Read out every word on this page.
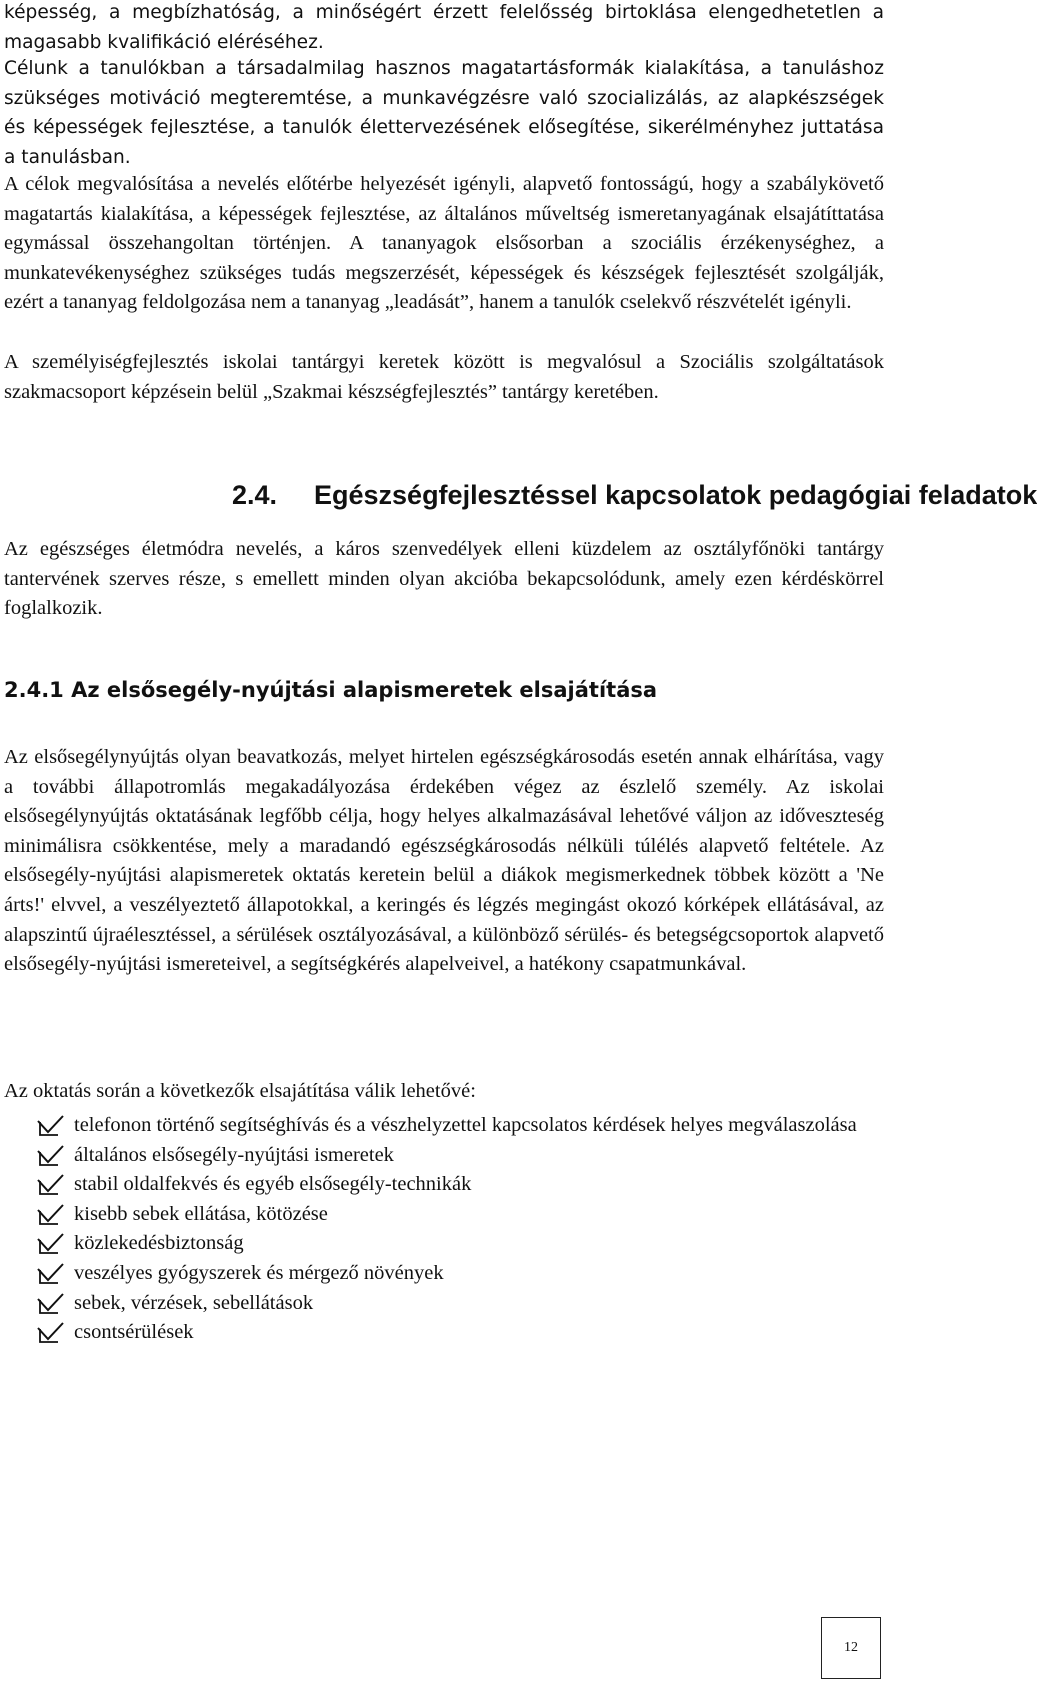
képesség, a megbízhatóság, a minőségért érzett felelősség birtoklása elengedhetetlen a magasabb kvalifikáció eléréséhez.

Célunk a tanulókban a társadalmilag hasznos magatartásformák kialakítása, a tanuláshoz szükséges motiváció megteremtése, a munkavégzésre való szocializálás, az alapkészségek és képességek fejlesztése, a tanulók élettervezésének elősegítése, sikerélményhez juttatása a tanulásban.

A célok megvalósítása a nevelés előtérbe helyezését igényli, alapvető fontosságú, hogy a szabálykövető magatartás kialakítása, a képességek fejlesztése, az általános műveltség ismeretanyagának elsajátíttatása egymással összehangoltan történjen. A tananyagok elsősorban a szociális érzékenységhez, a munkatevékenységhez szükséges tudás megszerzését, képességek és készségek fejlesztését szolgálják, ezért a tananyag feldolgozása nem a tananyag „leadását”, hanem a tanulók cselekvő részvételét igényli.

A személyiségfejlesztés iskolai tantárgyi keretek között is megvalósul a Szociális szolgáltatások szakmacsoport képzésein belül „Szakmai készségfejlesztés” tantárgy keretében.

2.4. Egészségfejlesztéssel kapcsolatok pedagógiai feladatok

Az egészséges életmódra nevelés, a káros szenvedélyek elleni küzdelem az osztályfőnöki tantárgy tantervének szerves része, s emellett minden olyan akcióba bekapcsolódunk, amely ezen kérdéskörrel foglalkozik.

2.4.1 Az elsősegély-nyújtási alapismeretek elsajátítása

Az elsősegélynyújtás olyan beavatkozás, melyet hirtelen egészségkárosodás esetén annak elhárítása, vagy a további állapotromlás megakadályozása érdekében végez az észlelő személy. Az iskolai elsősegélynyújtás oktatásának legfőbb célja, hogy helyes alkalmazásával lehetővé váljon az időveszteség minimálisra csökkentése, mely a maradandó egészségkárosodás nélküli túlélés alapvető feltétele. Az elsősegély-nyújtási alapismeretek oktatás keretein belül a diákok megismerkednek többek között a 'Ne árts!' elvvel, a veszélyeztető állapotokkal, a keringés és légzés megingást okozó kórképek ellátásával, az alapszintű újraélesztéssel, a sérülések osztályozásával, a különböző sérülés- és betegségcsoportok alapvető elsősegély-nyújtási ismereteivel, a segítségkérés alapelveivel, a hatékony csapatmunkával.

Az oktatás során a következők elsajátítása válik lehetővé:

telefonon történő segítséghívás és a vészhelyzettel kapcsolatos kérdések helyes megválaszolása
általános elsősegély-nyújtási ismeretek
stabil oldalfekvés és egyéb elsősegély-technikák
kisebb sebek ellátása, kötözése
közlekedésbiztonság
veszélyes gyógyszerek és mérgező növények
sebek, vérzések, sebellátások
csontsérülések
12
